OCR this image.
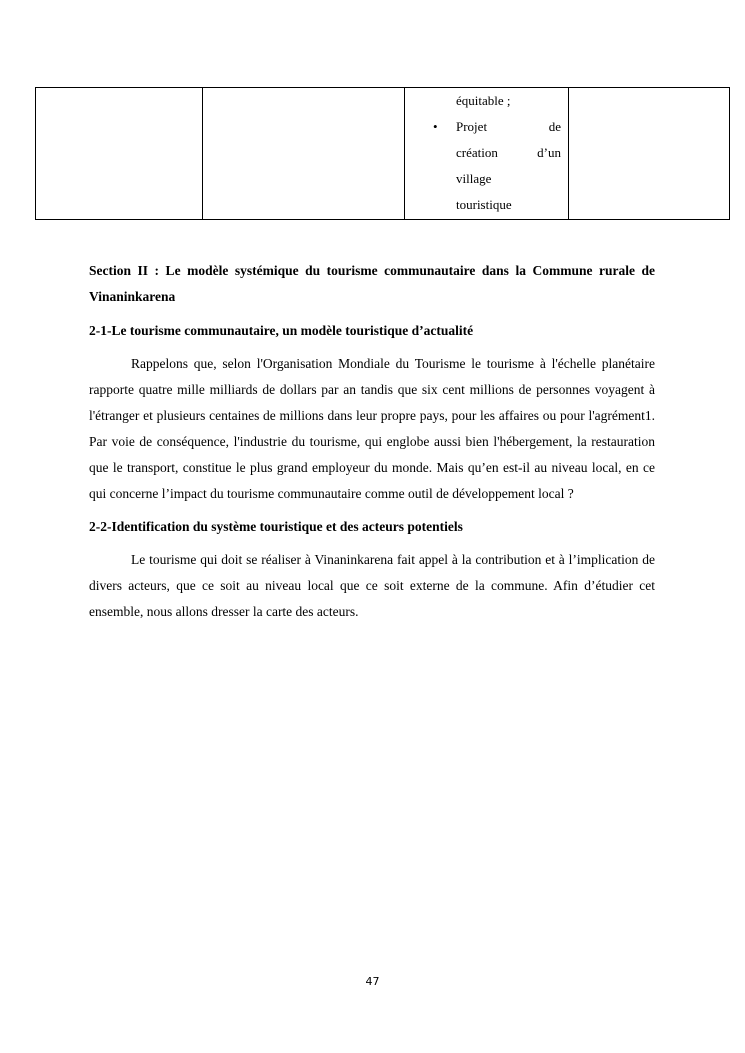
équitable ;
• Projet	de
création	d’un
village
touristique

Section II : Le modèle systémique du tourisme communautaire dans la Commune rurale de Vinaninkarena

2-1-Le tourisme communautaire, un modèle touristique d’actualité

Rappelons que, selon l'Organisation Mondiale du Tourisme le tourisme à l'échelle planétaire rapporte quatre mille milliards de dollars par an tandis que six cent millions de personnes voyagent à l'étranger et plusieurs centaines de millions dans leur propre pays, pour les affaires ou pour l'agrément1. Par voie de conséquence, l'industrie du tourisme, qui englobe aussi bien l'hébergement, la restauration que le transport, constitue le plus grand employeur du monde. Mais qu’en est-il au niveau local, en ce qui concerne l’impact du tourisme communautaire comme outil de développement local ?

2-2-Identification du système touristique et des acteurs potentiels

Le tourisme qui doit se réaliser à Vinaninkarena fait appel à la contribution et à l’implication de divers acteurs, que ce soit au niveau local que ce soit externe de la commune. Afin d’étudier cet ensemble, nous allons dresser la carte des acteurs.

47
